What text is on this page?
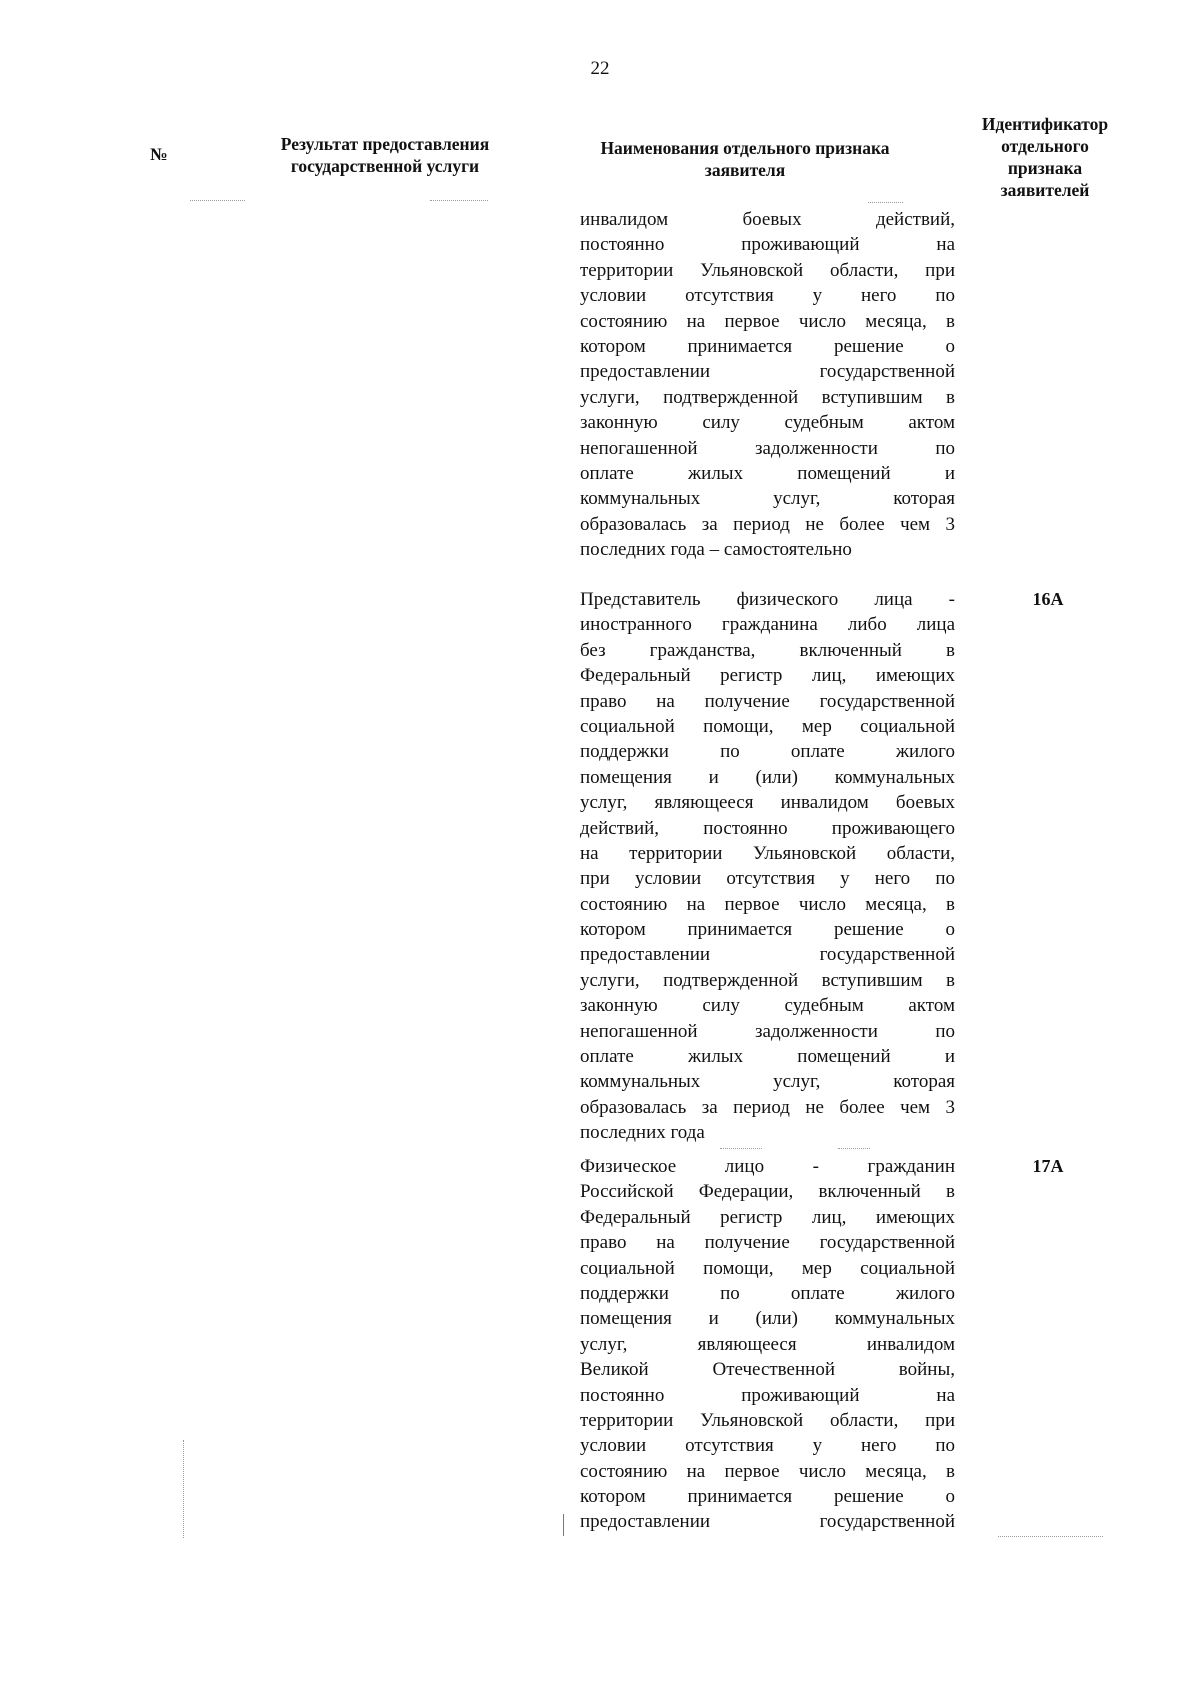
22
№	Результат предоставления государственной услуги
Наименования отдельного признака заявителя
Идентификатор отдельного признака заявителей
инвалидом боевых действий,
постоянно проживающий на
территории Ульяновской области, при
условии отсутствия у него по
состоянию на первое число месяца, в
котором принимается решение о
предоставлении государственной
услуги, подтвержденной вступившим в
законную силу судебным актом
непогашенной задолженности по
оплате жилых помещений и
коммунальных услуг, которая
образовалась за период не более чем 3
последних года – самостоятельно
Представитель физического лица -
иностранного гражданина либо лица
без гражданства, включенный в
Федеральный регистр лиц, имеющих
право на получение государственной
социальной помощи, мер социальной
поддержки по оплате жилого
помещения и (или) коммунальных
услуг, являющееся инвалидом боевых
действий, постоянно проживающего
на территории Ульяновской области,
при условии отсутствия у него по
состоянию на первое число месяца, в
котором принимается решение о
предоставлении государственной
услуги, подтвержденной вступившим в
законную силу судебным актом
непогашенной задолженности по
оплате жилых помещений и
коммунальных услуг, которая
образовалась за период не более чем 3
последних года
16А
Физическое лицо - гражданин
Российской Федерации, включенный в
Федеральный регистр лиц, имеющих
право на получение государственной
социальной помощи, мер социальной
поддержки по оплате жилого
помещения и (или) коммунальных
услуг, являющееся инвалидом
Великой Отечественной войны,
постоянно проживающий на
территории Ульяновской области, при
условии отсутствия у него по
состоянию на первое число месяца, в
котором принимается решение о
предоставлении государственной
17А
